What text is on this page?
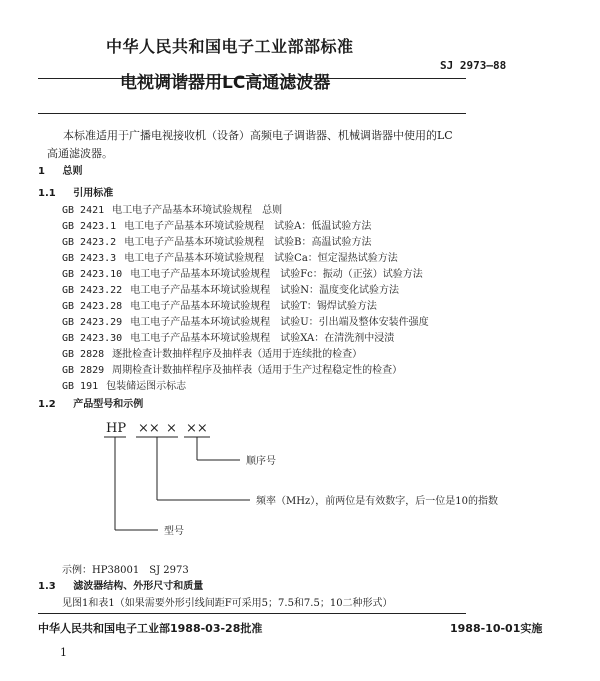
中华人民共和国电子工业部部标准
SJ 2973—88
电视调谐器用LC高通滤波器
本标准适用于广播电视接收机（设备）高频电子调谐器、机械调谐器中使用的LC高通滤波器。
1 总则
1.1 引用标准
GB 2421 电工电子产品基本环境试验规程　总则
GB 2423.1 电工电子产品基本环境试验规程　试验A：低温试验方法
GB 2423.2 电工电子产品基本环境试验规程　试验B：高温试验方法
GB 2423.3 电工电子产品基本环境试验规程　试验Ca：恒定湿热试验方法
GB 2423.10 电工电子产品基本环境试验规程　试验Fc：振动（正弦）试验方法
GB 2423.22 电工电子产品基本环境试验规程　试验N：温度变化试验方法
GB 2423.28 电工电子产品基本环境试验规程　试验T：锡焊试验方法
GB 2423.29 电工电子产品基本环境试验规程　试验U：引出端及整体安装件强度
GB 2423.30 电工电子产品基本环境试验规程　试验XA：在清洗剂中浸渍
GB 2828 逐批检查计数抽样程序及抽样表（适用于连续批的检查）
GB 2829 周期检查计数抽样程序及抽样表（适用于生产过程稳定性的检查）
GB 191 包装储运图示标志
1.2 产品型号和示例
HP ×× × ××
顺序号
频率（MHz），前两位是有效数字，后一位是10的指数
型号
示例：HP38001　SJ 2973
1.3 滤波器结构、外形尺寸和质量
见图1和表1（如果需要外形引线间距F可采用5；7.5和7.5；10二种形式）
中华人民共和国电子工业部1988-03-28批准	1988-10-01实施
1
